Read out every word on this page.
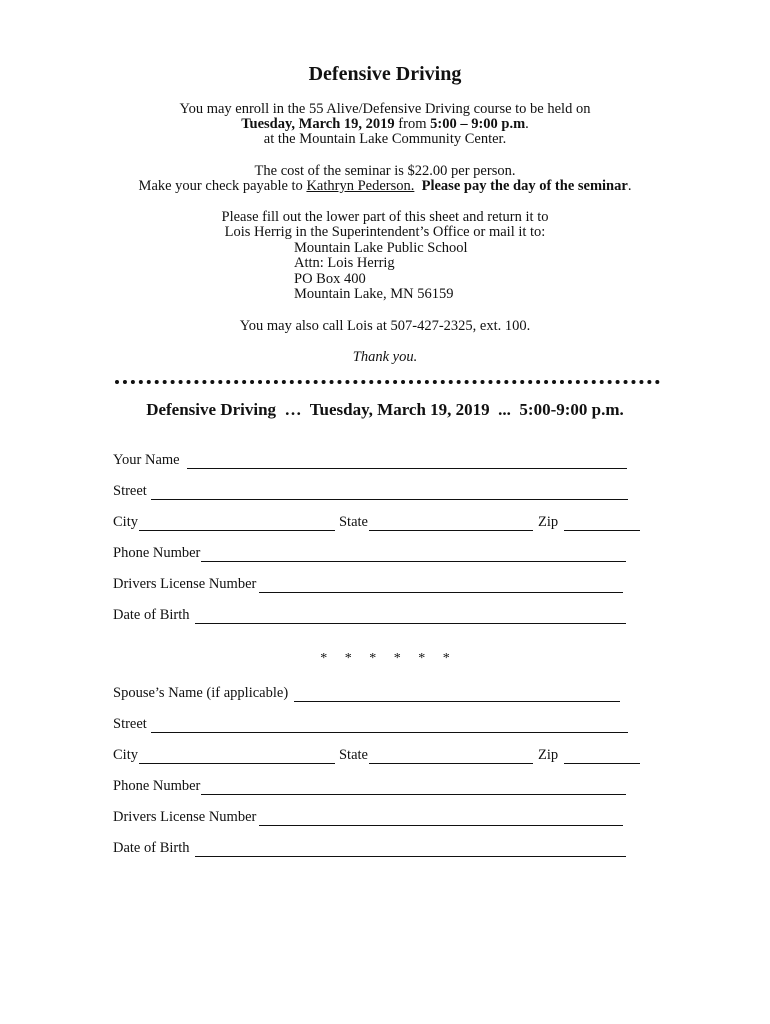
Defensive Driving
You may enroll in the 55 Alive/Defensive Driving course to be held on
Tuesday, March 19, 2019 from 5:00 – 9:00 p.m.
at the Mountain Lake Community Center.
The cost of the seminar is $22.00 per person.
Make your check payable to Kathryn Pederson. Please pay the day of the seminar.
Please fill out the lower part of this sheet and return it to
Lois Herrig in the Superintendent’s Office or mail it to:
Mountain Lake Public School
Attn: Lois Herrig
PO Box 400
Mountain Lake, MN 56159
You may also call Lois at 507-427-2325, ext. 100.
Thank you.
Defensive Driving  …  Tuesday, March 19, 2019  ...  5:00-9:00 p.m.
Your Name
Street
City	State	Zip
Phone Number
Drivers License Number
Date of Birth
*     *     *     *     *     *
Spouse’s Name (if applicable)
Street
City	State	Zip
Phone Number
Drivers License Number
Date of Birth
